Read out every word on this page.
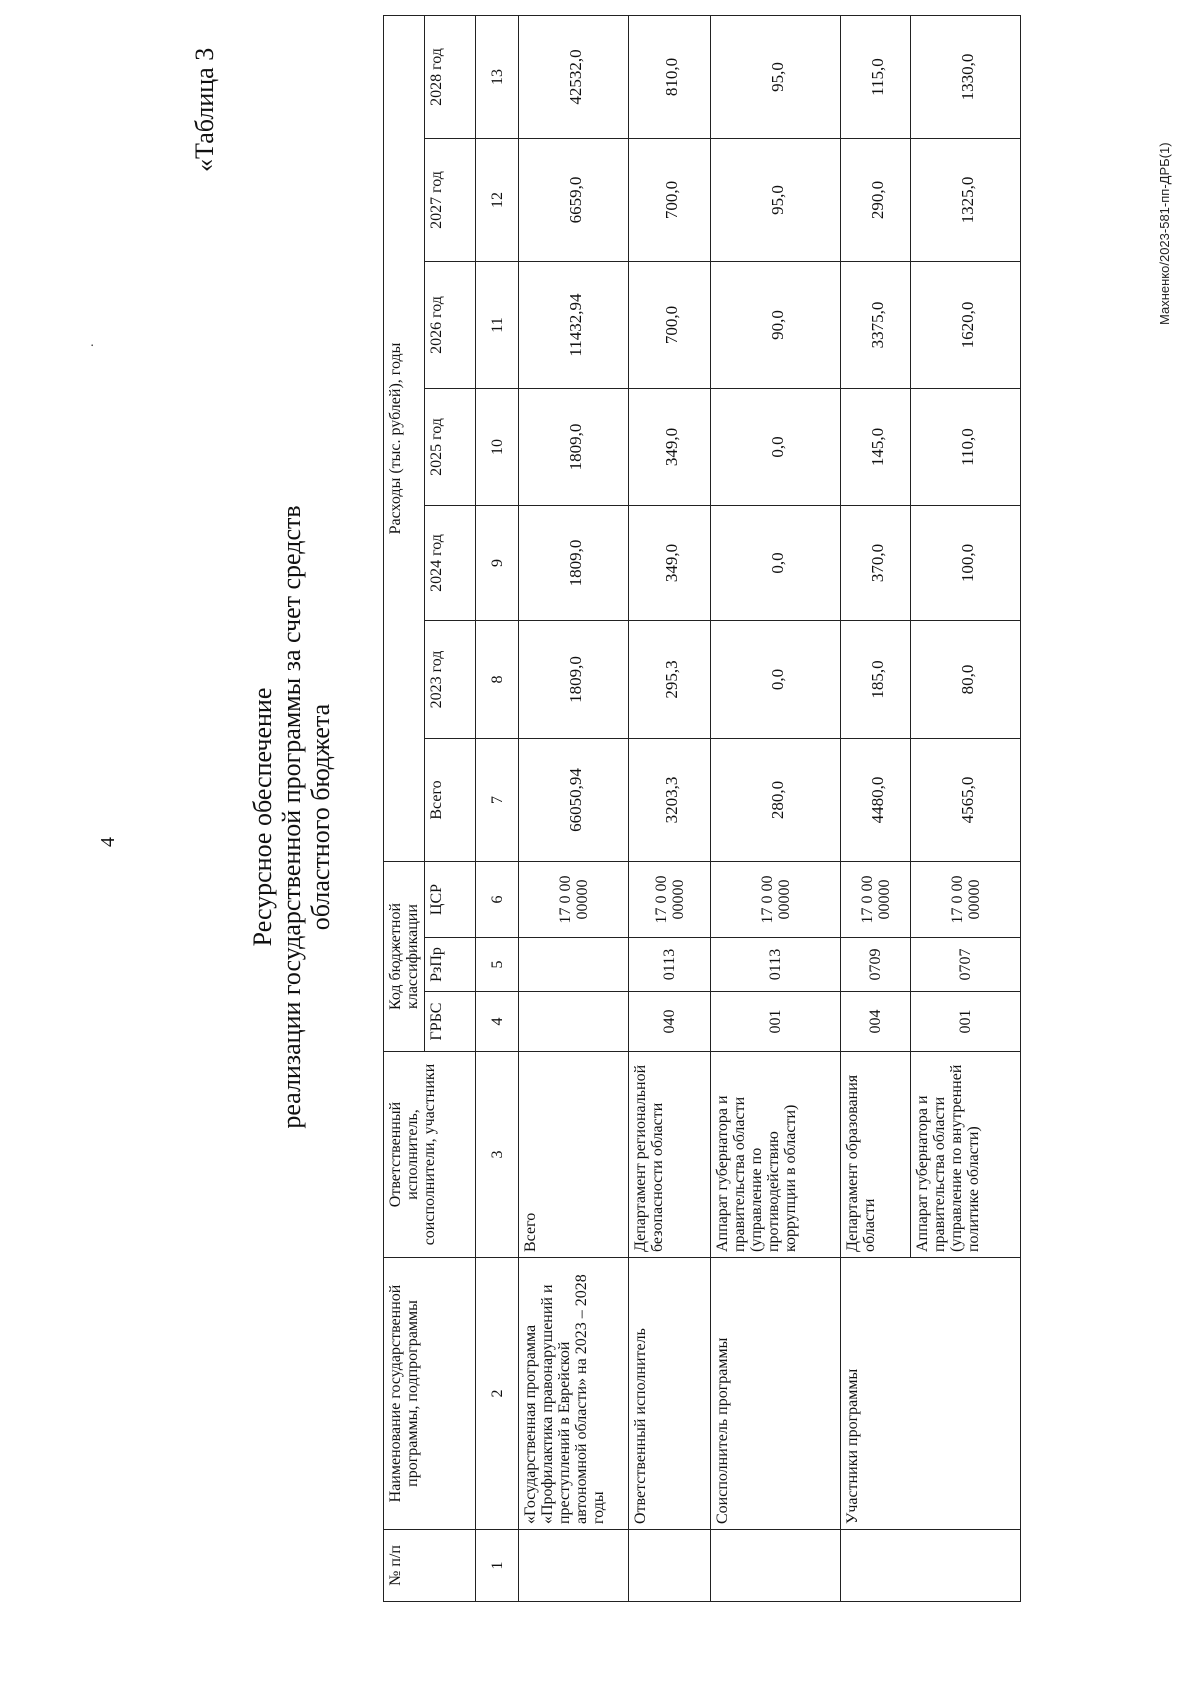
4
.
«Таблица 3
Ресурсное обеспечение реализации государственной программы за счет средств областного бюджета
№ п/п	Наименование государственной программы, подпрограммы	Ответственный исполнитель, соисполнители, участники	Код бюджетной классификации			Расходы (тыс. рублей), годы						
			ГРБС	РзПр	ЦСР	Всего	2023 год	2024 год	2025 год	2026 год	2027 год	2028 год
1	2	3	4	5	6	7	8	9	10	11	12	13
	«Государственная программа «Профилактика правонарушений и преступлений в Еврейской автономной области» на 2023 – 2028 годы	Всего			17 0 00 00000	66050,94	1809,0	1809,0	1809,0	11432,94	6659,0	42532,0
	Ответственный исполнитель	Департамент региональной безопасности области	040	0113	17 0 00 00000	3203,3	295,3	349,0	349,0	700,0	700,0	810,0
	Соисполнитель программы	Аппарат губернатора и правительства области (управление по противодействию коррупции в области)	001	0113	17 0 00 00000	280,0	0,0	0,0	0,0	90,0	95,0	95,0
	Участники программы	Департамент образования области	004	0709	17 0 00 00000	4480,0	185,0	370,0	145,0	3375,0	290,0	115,0
		Аппарат губернатора и правительства области (управление по внутренней политике области)	001	0707	17 0 00 00000	4565,0	80,0	100,0	110,0	1620,0	1325,0	1330,0
Махненко/2023-581-пп-ДРБ(1)
